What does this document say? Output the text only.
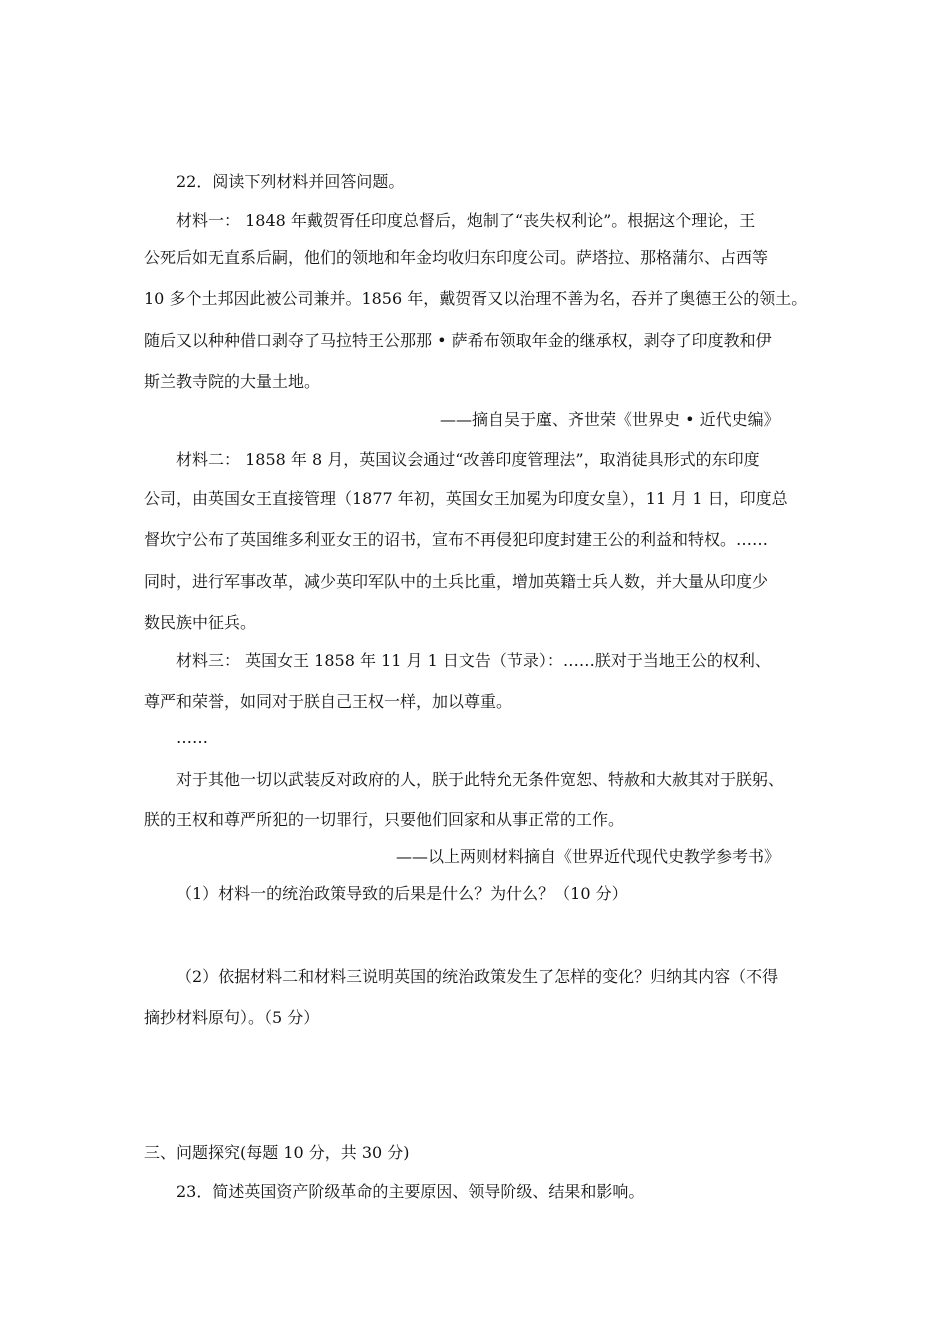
22．阅读下列材料并回答问题。
材料一： 1848 年戴贺胥任印度总督后，炮制了“丧失权利论”。根据这个理论，王
公死后如无直系后嗣，他们的领地和年金均收归东印度公司。萨塔拉、那格蒲尔、占西等
10 多个土邦因此被公司兼并。1856 年，戴贺胥又以治理不善为名，吞并了奥德王公的领土。
随后又以种种借口剥夺了马拉特王公那那 • 萨希布领取年金的继承权，剥夺了印度教和伊
斯兰教寺院的大量土地。
——摘自吴于廑、齐世荣《世界史 • 近代史编》
材料二： 1858 年 8 月，英国议会通过“改善印度管理法”，取消徒具形式的东印度
公司，由英国女王直接管理（1877 年初，英国女王加冕为印度女皇），11 月 1 日，印度总
督坎宁公布了英国维多利亚女王的诏书，宣布不再侵犯印度封建王公的利益和特权。……
同时，进行军事改革，减少英印军队中的土兵比重，增加英籍士兵人数，并大量从印度少
数民族中征兵。
材料三： 英国女王 1858 年 11 月 1 日文告（节录）：……朕对于当地王公的权利、
尊严和荣誉，如同对于朕自己王权一样，加以尊重。
……
对于其他一切以武装反对政府的人，朕于此特允无条件宽恕、特赦和大赦其对于朕躬、
朕的王权和尊严所犯的一切罪行，只要他们回家和从事正常的工作。
——以上两则材料摘自《世界近代现代史教学参考书》
（1）材料一的统治政策导致的后果是什么？为什么？（10 分）
（2）依据材料二和材料三说明英国的统治政策发生了怎样的变化？归纳其内容（不得
摘抄材料原句）。（5 分）
三、问题探究(每题 10 分，共 30 分)
23．简述英国资产阶级革命的主要原因、领导阶级、结果和影响。
